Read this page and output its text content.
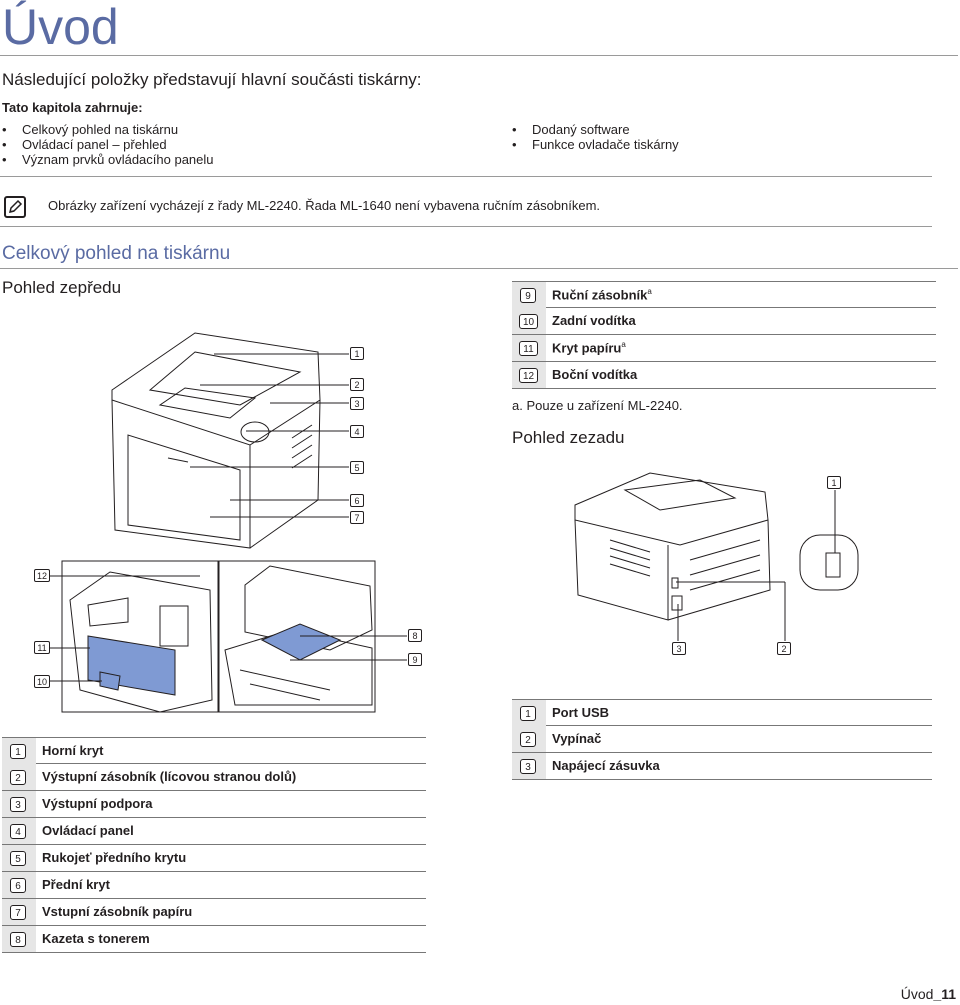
Úvod
Následující položky představují hlavní součásti tiskárny:
Tato kapitola zahrnuje:
• Celkový pohled na tiskárnu
• Ovládací panel – přehled
• Význam prvků ovládacího panelu
• Dodaný software
• Funkce ovladače tiskárny
Obrázky zařízení vycházejí z řady ML-2240. Řada ML-1640 není vybavena ručním zásobníkem.
Celkový pohled na tiskárnu
Pohled zepředu
1
2
3
4
5
6
7
12
11
10
8
9
1
3	2
9	Ruční zásobník$^a$
10	Zadní vodítka
11	Kryt papíru$^a$
12	Boční vodítka
a. Pouze u zařízení ML-2240.
Pohled zezadu
1	Port USB
2	Vypínač
3	Napájecí zásuvka
1	Horní kryt
2	Výstupní zásobník (lícovou stranou dolů)
3	Výstupní podpora
4	Ovládací panel
5	Rukojeť předního krytu
6	Přední kryt
7	Vstupní zásobník papíru
8	Kazeta s tonerem
Úvod_11
